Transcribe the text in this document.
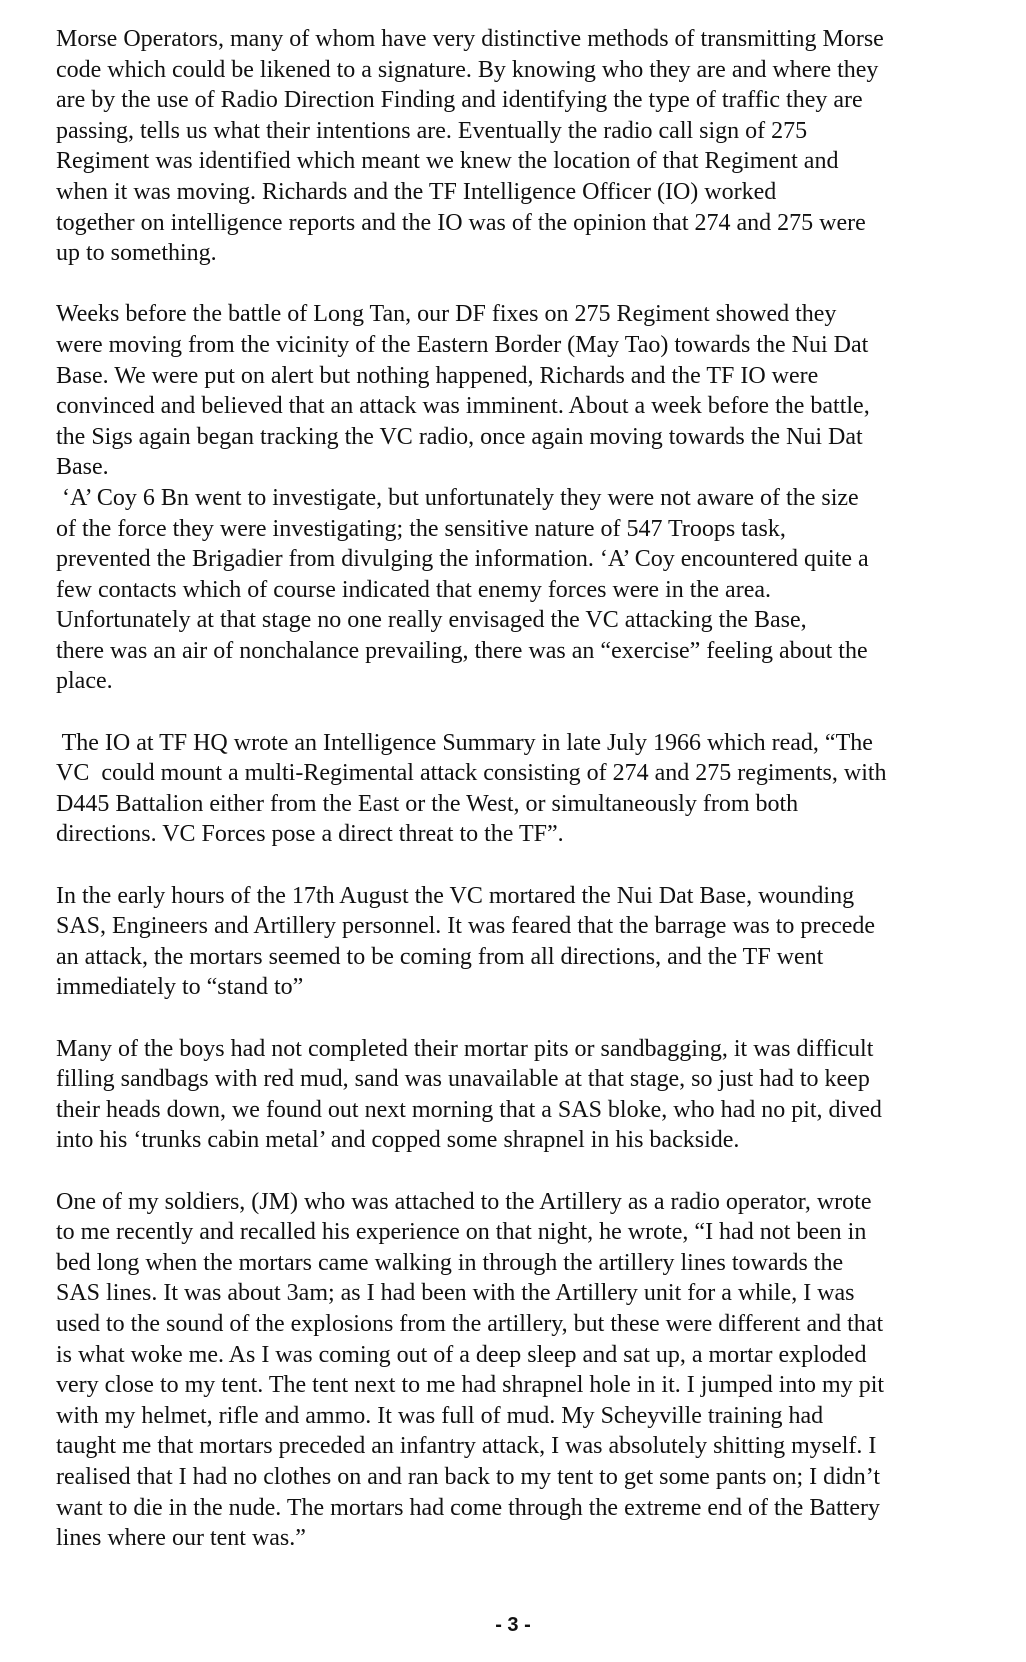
Morse Operators, many of whom have very distinctive methods of transmitting Morse
code which could be likened to a signature. By knowing who they are and where they
are by the use of Radio Direction Finding and identifying the type of traffic they are
passing, tells us what their intentions are. Eventually the radio call sign of 275
Regiment was identified which meant we knew the location of that Regiment and
when it was moving. Richards and the TF Intelligence Officer (IO) worked
together on intelligence reports and the IO was of the opinion that 274 and 275 were
up to something.
Weeks before the battle of Long Tan, our DF fixes on 275 Regiment showed they
were moving from the vicinity of the Eastern Border (May Tao) towards the Nui Dat
Base. We were put on alert but nothing happened, Richards and the TF IO were
convinced and believed that an attack was imminent. About a week before the battle,
the Sigs again began tracking the VC radio, once again moving towards the Nui Dat
Base.
‘A’ Coy 6 Bn went to investigate, but unfortunately they were not aware of the size
of the force they were investigating; the sensitive nature of 547 Troops task,
prevented the Brigadier from divulging the information. ‘A’ Coy encountered quite a
few contacts which of course indicated that enemy forces were in the area.
Unfortunately at that stage no one really envisaged the VC attacking the Base,
there was an air of nonchalance prevailing, there was an “exercise” feeling about the
place.
The IO at TF HQ wrote an Intelligence Summary in late July 1966 which read, “The
VC  could mount a multi-Regimental attack consisting of 274 and 275 regiments, with
D445 Battalion either from the East or the West, or simultaneously from both
directions. VC Forces pose a direct threat to the TF”.
In the early hours of the 17th August the VC mortared the Nui Dat Base, wounding
SAS, Engineers and Artillery personnel. It was feared that the barrage was to precede
an attack, the mortars seemed to be coming from all directions, and the TF went
immediately to “stand to”
Many of the boys had not completed their mortar pits or sandbagging, it was difficult
filling sandbags with red mud, sand was unavailable at that stage, so just had to keep
their heads down, we found out next morning that a SAS bloke, who had no pit, dived
into his ‘trunks cabin metal’ and copped some shrapnel in his backside.
One of my soldiers, (JM) who was attached to the Artillery as a radio operator, wrote
to me recently and recalled his experience on that night, he wrote, “I had not been in
bed long when the mortars came walking in through the artillery lines towards the
SAS lines. It was about 3am; as I had been with the Artillery unit for a while, I was
used to the sound of the explosions from the artillery, but these were different and that
is what woke me. As I was coming out of a deep sleep and sat up, a mortar exploded
very close to my tent. The tent next to me had shrapnel hole in it. I jumped into my pit
with my helmet, rifle and ammo. It was full of mud. My Scheyville training had
taught me that mortars preceded an infantry attack, I was absolutely shitting myself. I
realised that I had no clothes on and ran back to my tent to get some pants on; I didn’t
want to die in the nude. The mortars had come through the extreme end of the Battery
lines where our tent was.”
- 3 -
